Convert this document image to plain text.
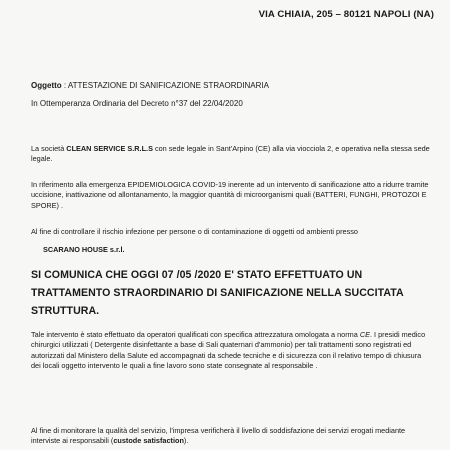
VIA CHIAIA, 205 – 80121 NAPOLI (NA)
Oggetto : ATTESTAZIONE DI SANIFICAZIONE STRAORDINARIA
In Ottemperanza Ordinaria del Decreto n°37 del 22/04/2020
La società CLEAN SERVICE S.R.L.S con sede legale in Sant'Arpino (CE) alla via viocciola 2, e operativa nella stessa sede legale.
In riferimento alla emergenza EPIDEMIOLOGICA COVID-19 inerente ad un intervento di sanificazione atto a ridurre tramite uccisione, inattivazione od allontanamento, la maggior quantità di microorganismi quali (BATTERI, FUNGHI, PROTOZOI E SPORE) .
Al fine di controllare il rischio infezione per persone o di contaminazione di oggetti od ambienti presso
SCARANO HOUSE s.r.l.
SI COMUNICA CHE OGGI 07 /05 /2020 E' STATO EFFETTUATO UN TRATTAMENTO STRAORDINARIO DI SANIFICAZIONE NELLA SUCCITATA STRUTTURA.
Tale intervento è stato effettuato da operatori qualificati con specifica attrezzatura omologata a norma CE. I presidi medico chirurgici utilizzati ( Detergente disinfettante a base di Sali quaternari d'ammonio) per tali trattamenti sono registrati ed autorizzati dal Ministero della Salute ed accompagnati da schede tecniche e di sicurezza con il relativo tempo di chiusura dei locali oggetto intervento le quali a fine lavoro sono state consegnate al responsabile .
Al fine di monitorare la qualità del servizio, l'impresa verificherà il livello di soddisfazione dei servizi erogati mediante interviste ai responsabili (custode satisfaction).
